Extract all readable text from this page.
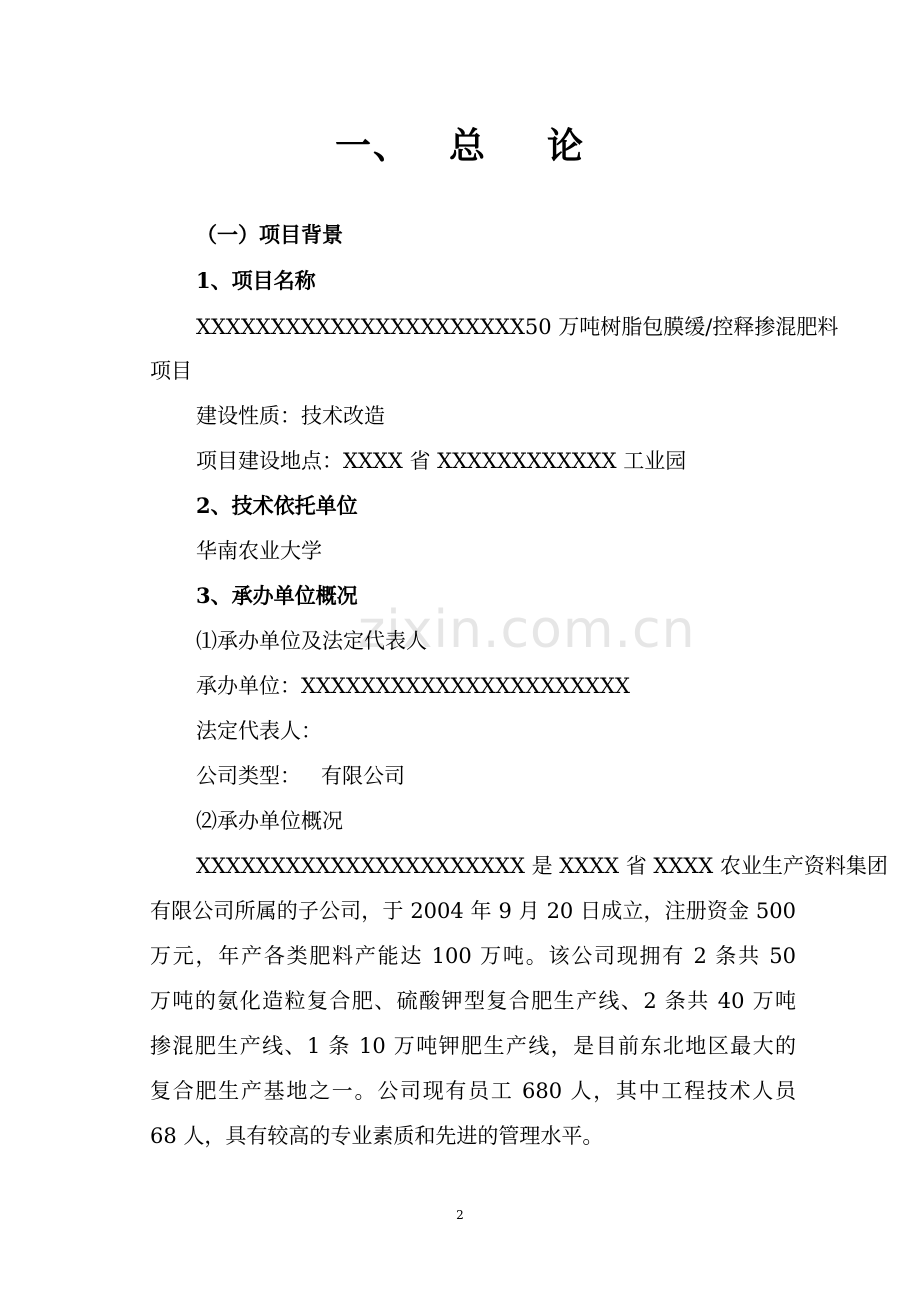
zixin.com.cn
一、 总 论
（一）项目背景
1、项目名称
XXXXXXXXXXXXXXXXXXXXXX50 万吨树脂包膜缓/控释掺混肥料
项目
建设性质：技术改造
项目建设地点：XXXX 省 XXXXXXXXXXXX 工业园
2、技术依托单位
华南农业大学
3、承办单位概况
⑴承办单位及法定代表人
承办单位：XXXXXXXXXXXXXXXXXXXXXX
法定代表人：
公司类型：   有限公司
⑵承办单位概况
XXXXXXXXXXXXXXXXXXXXXX 是 XXXX 省 XXXX 农业生产资料集团
有限公司所属的子公司，于 2004 年 9 月 20 日成立，注册资金 500
万元，年产各类肥料产能达 100 万吨。该公司现拥有 2 条共 50
万吨的氨化造粒复合肥、硫酸钾型复合肥生产线、2 条共 40 万吨
掺混肥生产线、1 条 10 万吨钾肥生产线，是目前东北地区最大的
复合肥生产基地之一。公司现有员工 680 人，其中工程技术人员
68 人，具有较高的专业素质和先进的管理水平。
2
